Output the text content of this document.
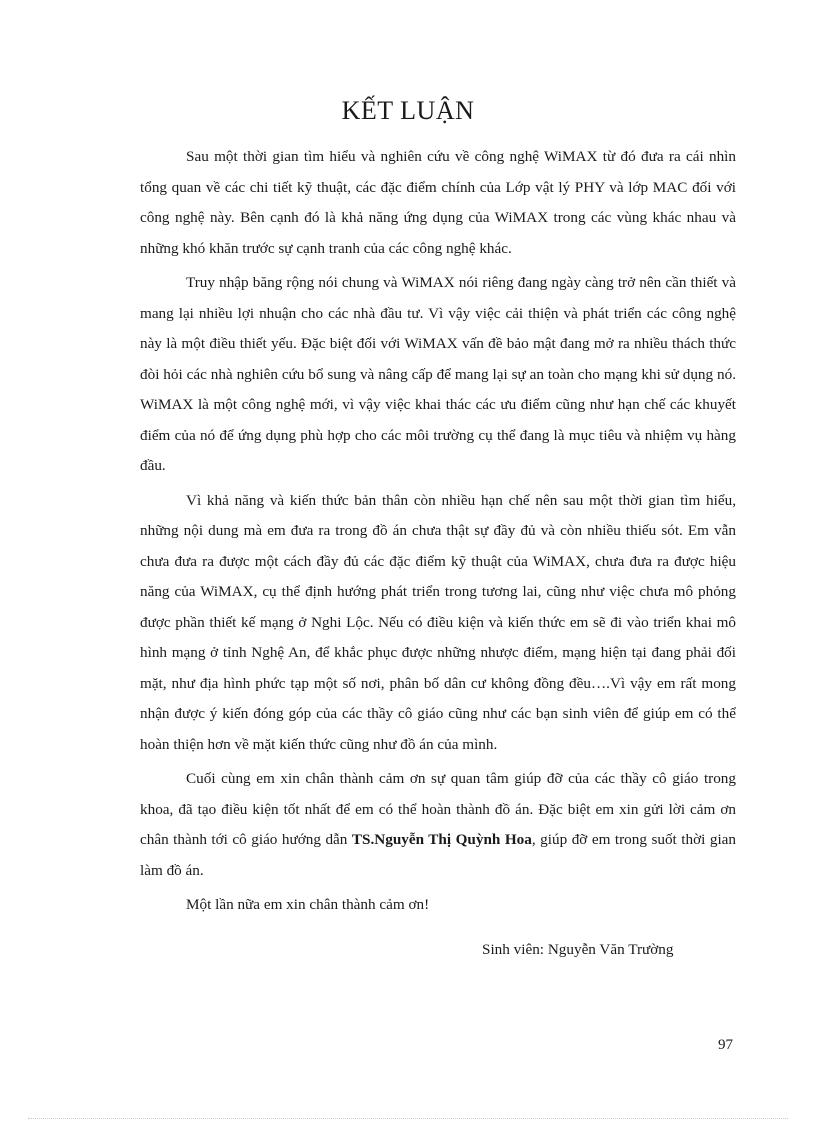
KẾT LUẬN

Sau một thời gian tìm hiểu và nghiên cứu về công nghệ WiMAX từ đó đưa ra cái nhìn tổng quan về các chi tiết kỹ thuật, các đặc điểm chính của Lớp vật lý PHY và lớp MAC đối với công nghệ này. Bên cạnh đó là khả năng ứng dụng của WiMAX trong các vùng khác nhau và những khó khăn trước sự cạnh tranh của các công nghệ khác.

Truy nhập băng rộng nói chung và WiMAX nói riêng đang ngày càng trở nên cần thiết và mang lại nhiều lợi nhuận cho các nhà đầu tư. Vì vậy việc cải thiện và phát triển các công nghệ này là một điều thiết yếu. Đặc biệt đối với WiMAX vấn đề bảo mật đang mở ra nhiều thách thức đòi hỏi các nhà nghiên cứu bổ sung và nâng cấp để mang lại sự an toàn cho mạng khi sử dụng nó. WiMAX là một công nghệ mới, vì vậy việc khai thác các ưu điểm cũng như hạn chế các khuyết điểm của nó để ứng dụng phù hợp cho các môi trường cụ thể đang là mục tiêu và nhiệm vụ hàng đầu.

Vì khả năng và kiến thức bản thân còn nhiều hạn chế nên sau một thời gian tìm hiểu, những nội dung mà em đưa ra trong đồ án chưa thật sự đầy đủ và còn nhiều thiếu sót. Em vẫn chưa đưa ra được một cách đầy đủ các đặc điểm kỹ thuật của WiMAX, chưa đưa ra được hiệu năng của WiMAX, cụ thể định hướng phát triển trong tương lai, cũng như việc chưa mô phỏng được phần thiết kế mạng ở Nghi Lộc. Nếu có điều kiện và kiến thức em sẽ đi vào triển khai mô hình mạng ở tỉnh Nghệ An, để khắc phục được những nhược điểm, mạng hiện tại đang phải đối mặt, như địa hình phức tạp một số nơi, phân bố dân cư không đồng đều….Vì vậy em rất mong nhận được ý kiến đóng góp của các thầy cô giáo cũng như các bạn sinh viên để giúp em có thể hoàn thiện hơn về mặt kiến thức cũng như đồ án của mình.

Cuối cùng em xin chân thành cảm ơn sự quan tâm giúp đỡ của các thầy cô giáo trong khoa, đã tạo điều kiện tốt nhất để em có thể hoàn thành đồ án. Đặc biệt em xin gửi lời cảm ơn chân thành tới cô giáo hướng dẫn TS.Nguyễn Thị Quỳnh Hoa, giúp đỡ em trong suốt thời gian làm đồ án.

Một lần nữa em xin chân thành cảm ơn!

Sinh viên: Nguyễn Văn Trường
97
